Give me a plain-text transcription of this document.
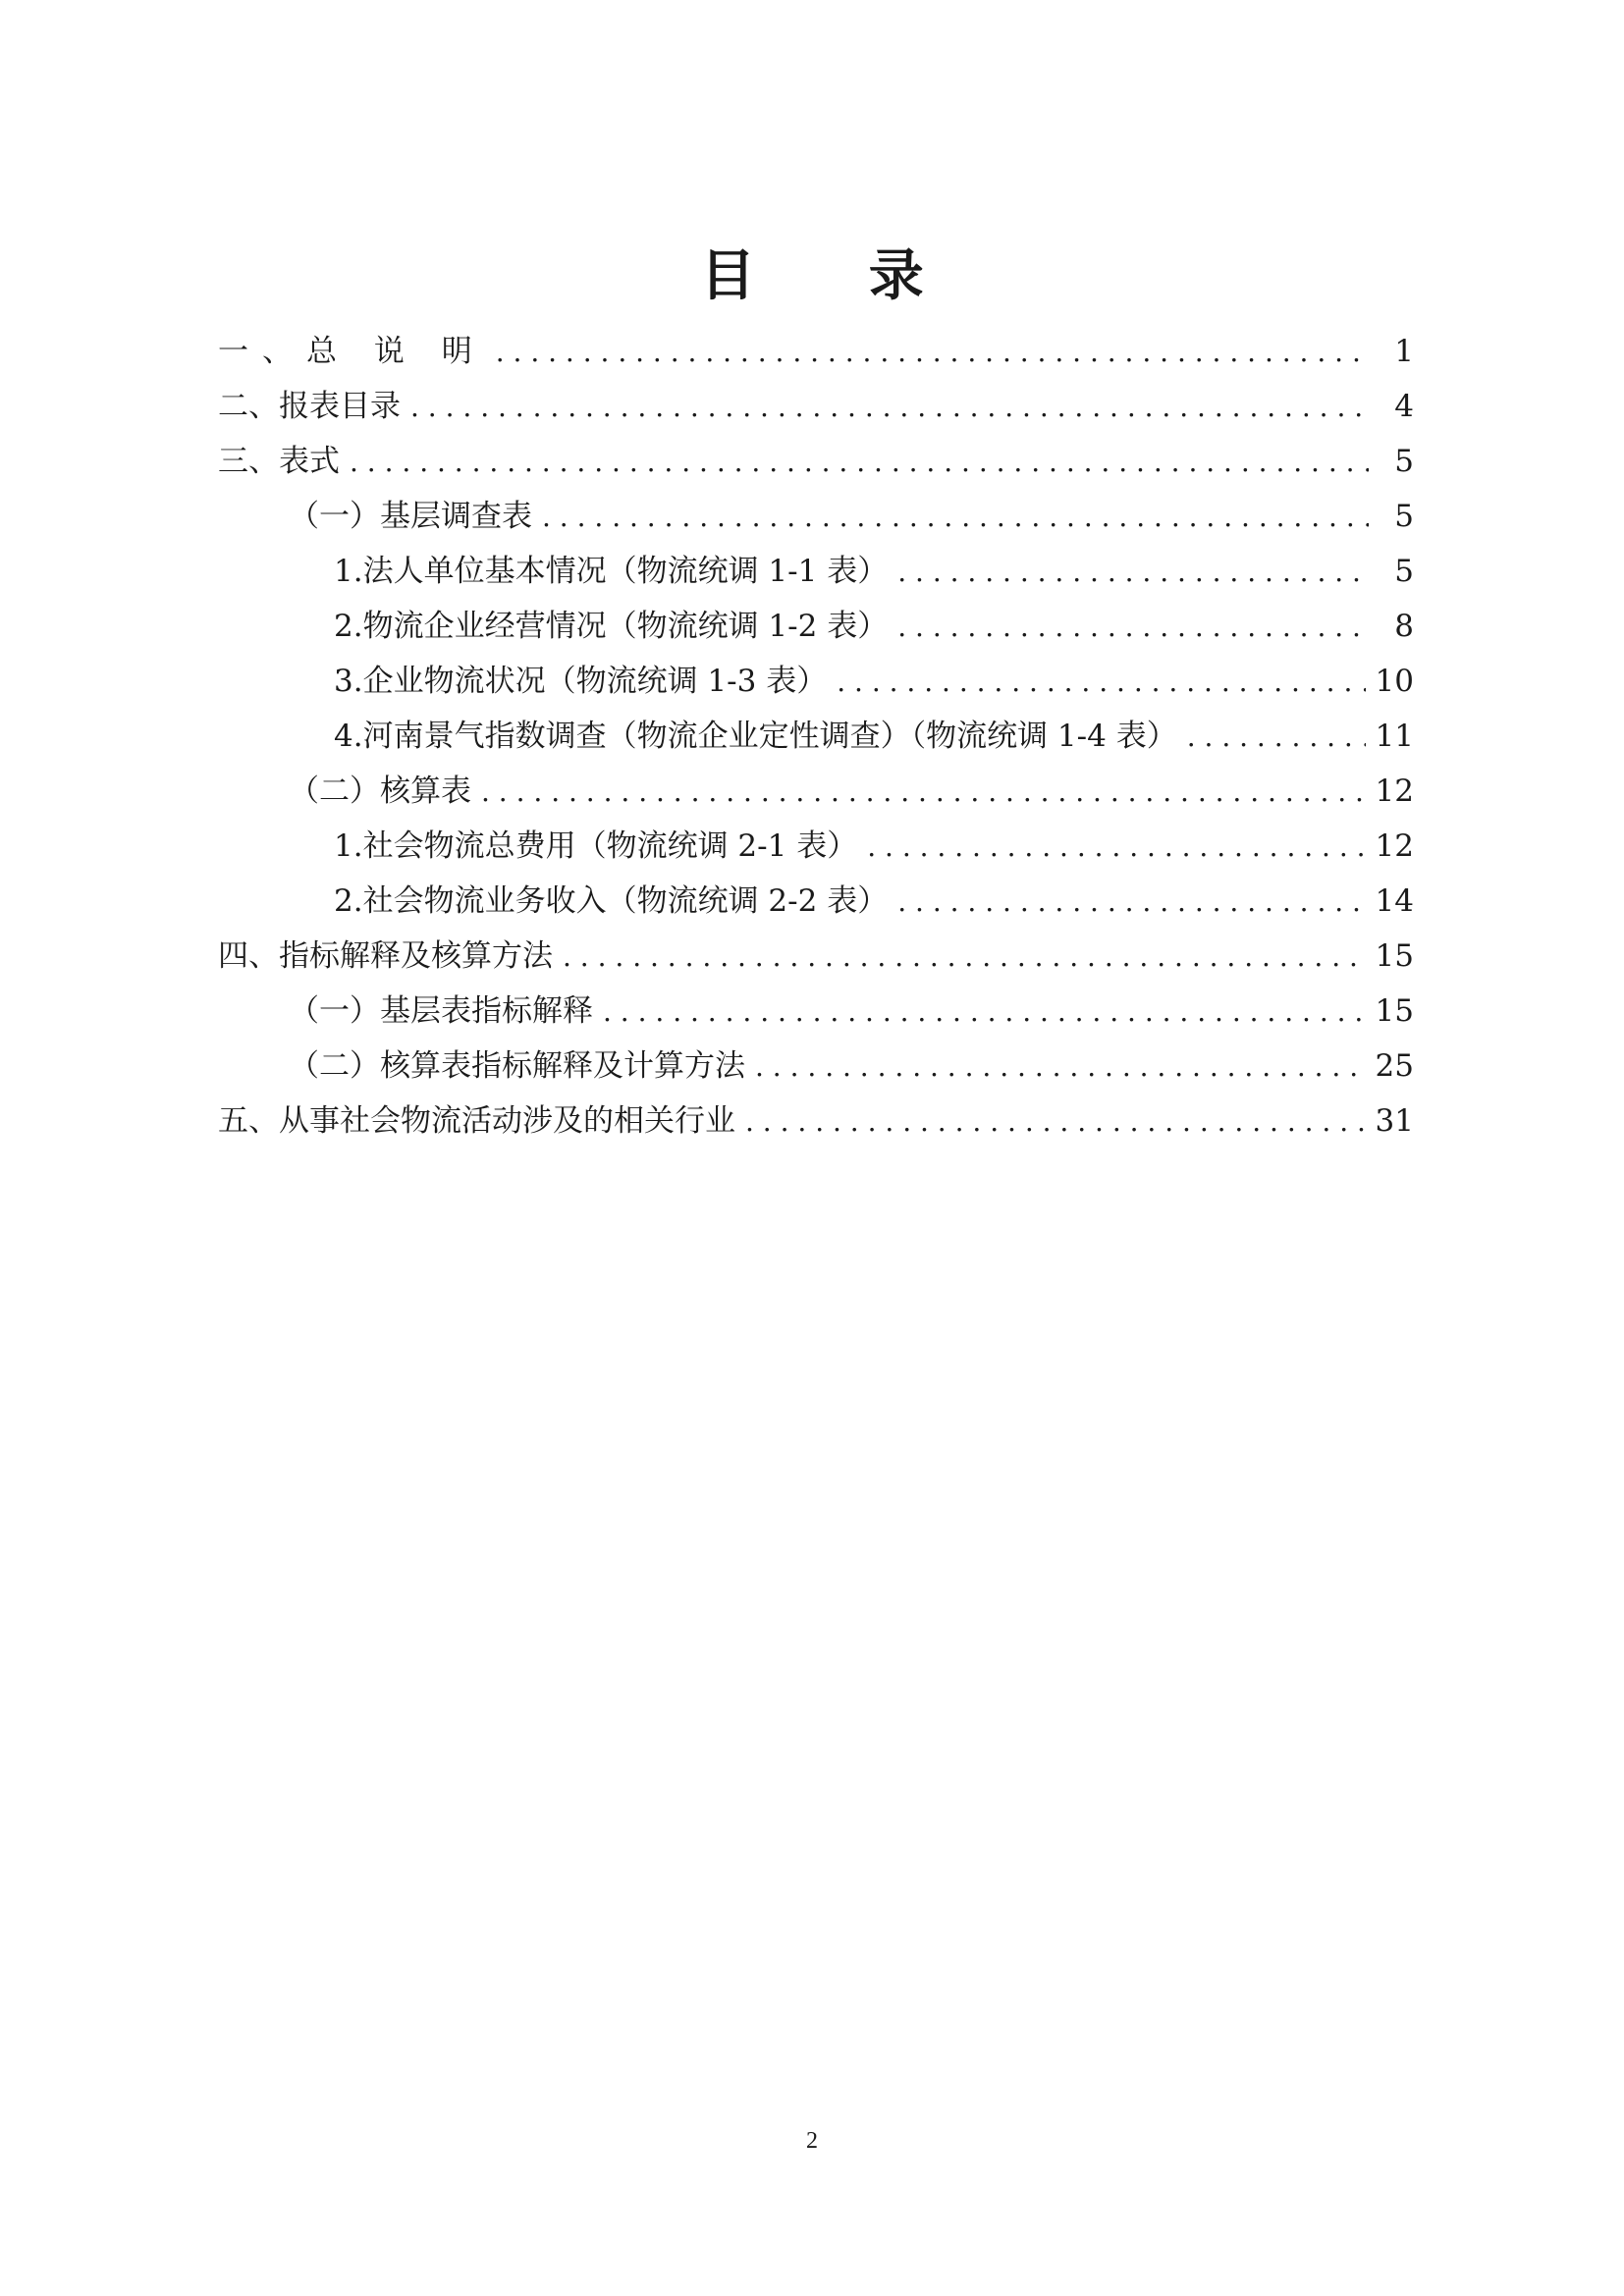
目 录
一、总 说 明 . . .	1
二、报表目录 . . .	4
三、表式 . . .	5
（一）基层调查表 . . .	5
1.法人单位基本情况（物流统调 1-1 表） . . .	5
2.物流企业经营情况（物流统调 1-2 表） . . .	8
3.企业物流状况（物流统调 1-3 表） . . .	10
4.河南景气指数调查（物流企业定性调查）（物流统调 1-4 表） . . .	11
（二）核算表 . . .	12
1.社会物流总费用（物流统调 2-1 表） . . .	12
2.社会物流业务收入（物流统调 2-2 表） . . .	14
四、指标解释及核算方法 . . .	15
（一）基层表指标解释 . . .	15
（二）核算表指标解释及计算方法 . . .	25
五、从事社会物流活动涉及的相关行业 . . .	31
2
